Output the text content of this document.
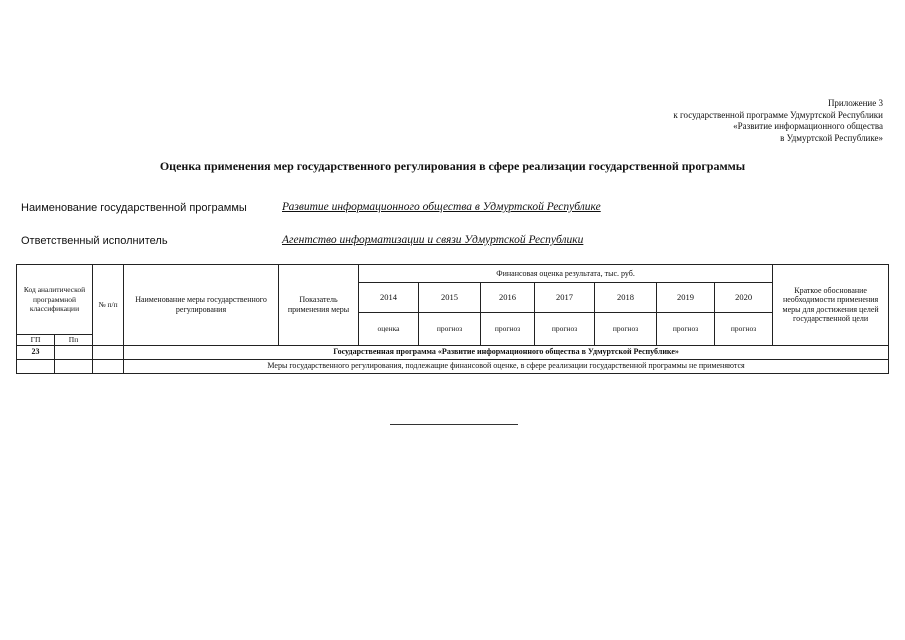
Приложение 3
к государственной программе Удмуртской Республики
«Развитие информационного общества
в Удмуртской Республике»
Оценка применения мер государственного регулирования в сфере реализации государственной программы
Наименование государственной программы	Развитие информационного общества в Удмуртской Республике
Ответственный исполнитель	Агентство информатизации и связи Удмуртской Республики
Код аналитической программной классификации		№ п/п	Наименование меры государственного регулирования	Показатель применения меры	Финансовая оценка результата, тыс. руб.							Краткое обоснование необходимости применения меры для достижения целей государственной цели
					2014	2015	2016	2017	2018	2019	2020	
					оценка	прогноз	прогноз	прогноз	прогноз	прогноз	прогноз	
ГП	Пп											
23			Государственная программа «Развитие информационного общества в Удмуртской Республике»									
			Меры государственного регулирования, подлежащие финансовой оценке, в сфере реализации государственной программы не применяются									
